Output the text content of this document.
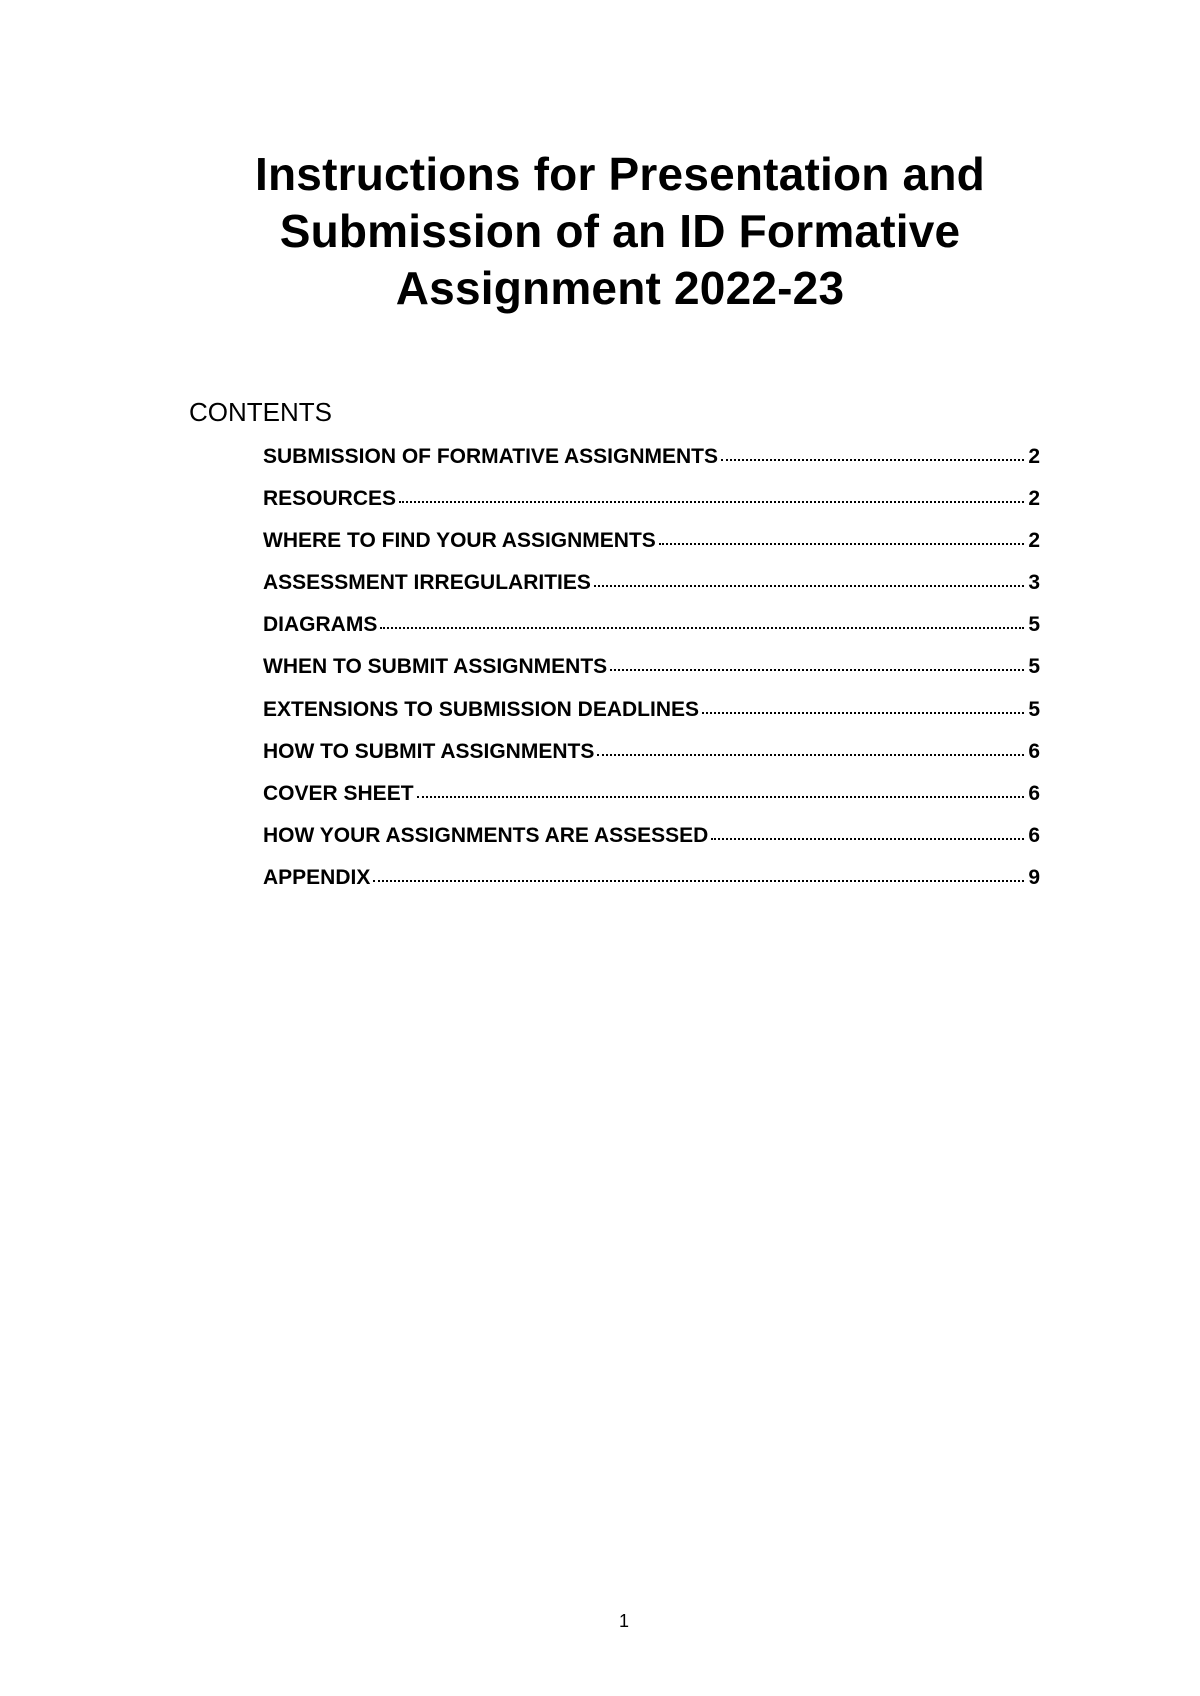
Instructions for Presentation and Submission of an ID Formative Assignment 2022-23
CONTENTS
SUBMISSION OF FORMATIVE ASSIGNMENTS	2
RESOURCES	2
WHERE TO FIND YOUR ASSIGNMENTS	2
ASSESSMENT IRREGULARITIES	3
DIAGRAMS	5
WHEN TO SUBMIT ASSIGNMENTS	5
EXTENSIONS TO SUBMISSION DEADLINES	5
HOW TO SUBMIT ASSIGNMENTS	6
COVER SHEET	6
HOW YOUR ASSIGNMENTS ARE ASSESSED	6
APPENDIX	9
1
